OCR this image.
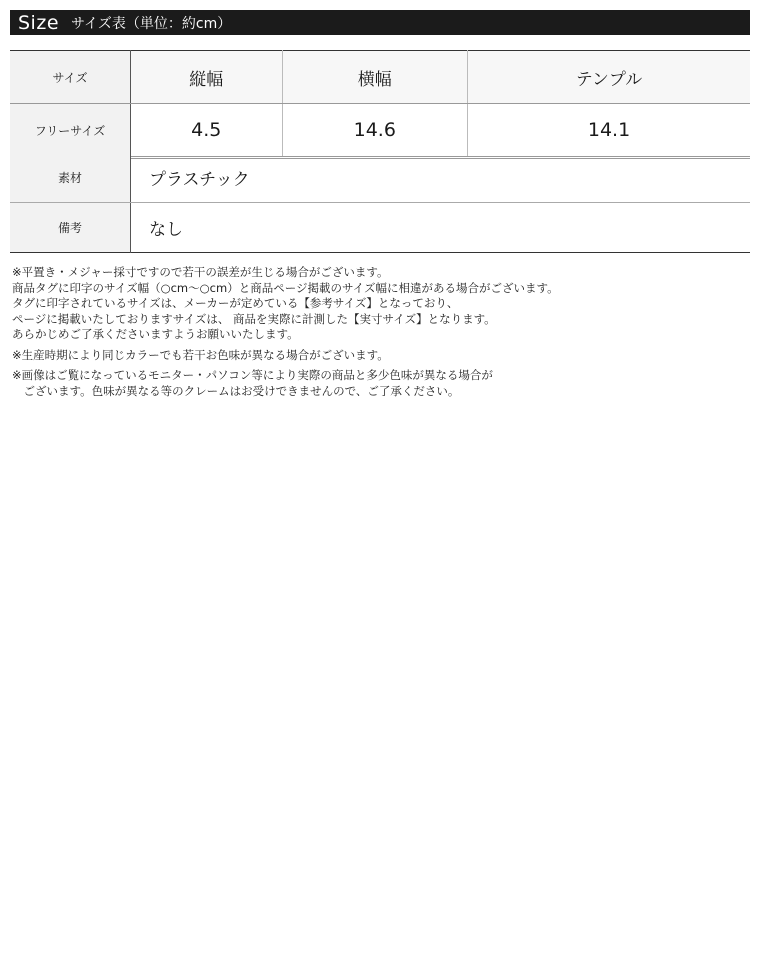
Size サイズ表（単位：約cm）
サイズ	縦幅	横幅	テンプル
フリーサイズ	4.5	14.6	14.1
素材	プラスチック
備考	なし

※平置き・メジャー採寸ですので若干の誤差が生じる場合がございます。

商品タグに印字のサイズ幅（○cm〜○cm）と商品ページ掲載のサイズ幅に相違がある場合がございます。

タグに印字されているサイズは、メーカーが定めている【参考サイズ】となっており、

ページに掲載いたしておりますサイズは、 商品を実際に計測した【実寸サイズ】となります。

あらかじめご了承くださいますようお願いいたします。

※生産時期により同じカラーでも若干お色味が異なる場合がございます。

※画像はご覧になっているモニター・パソコン等により実際の商品と多少色味が異なる場合が

　ございます。色味が異なる等のクレームはお受けできませんので、ご了承ください。
